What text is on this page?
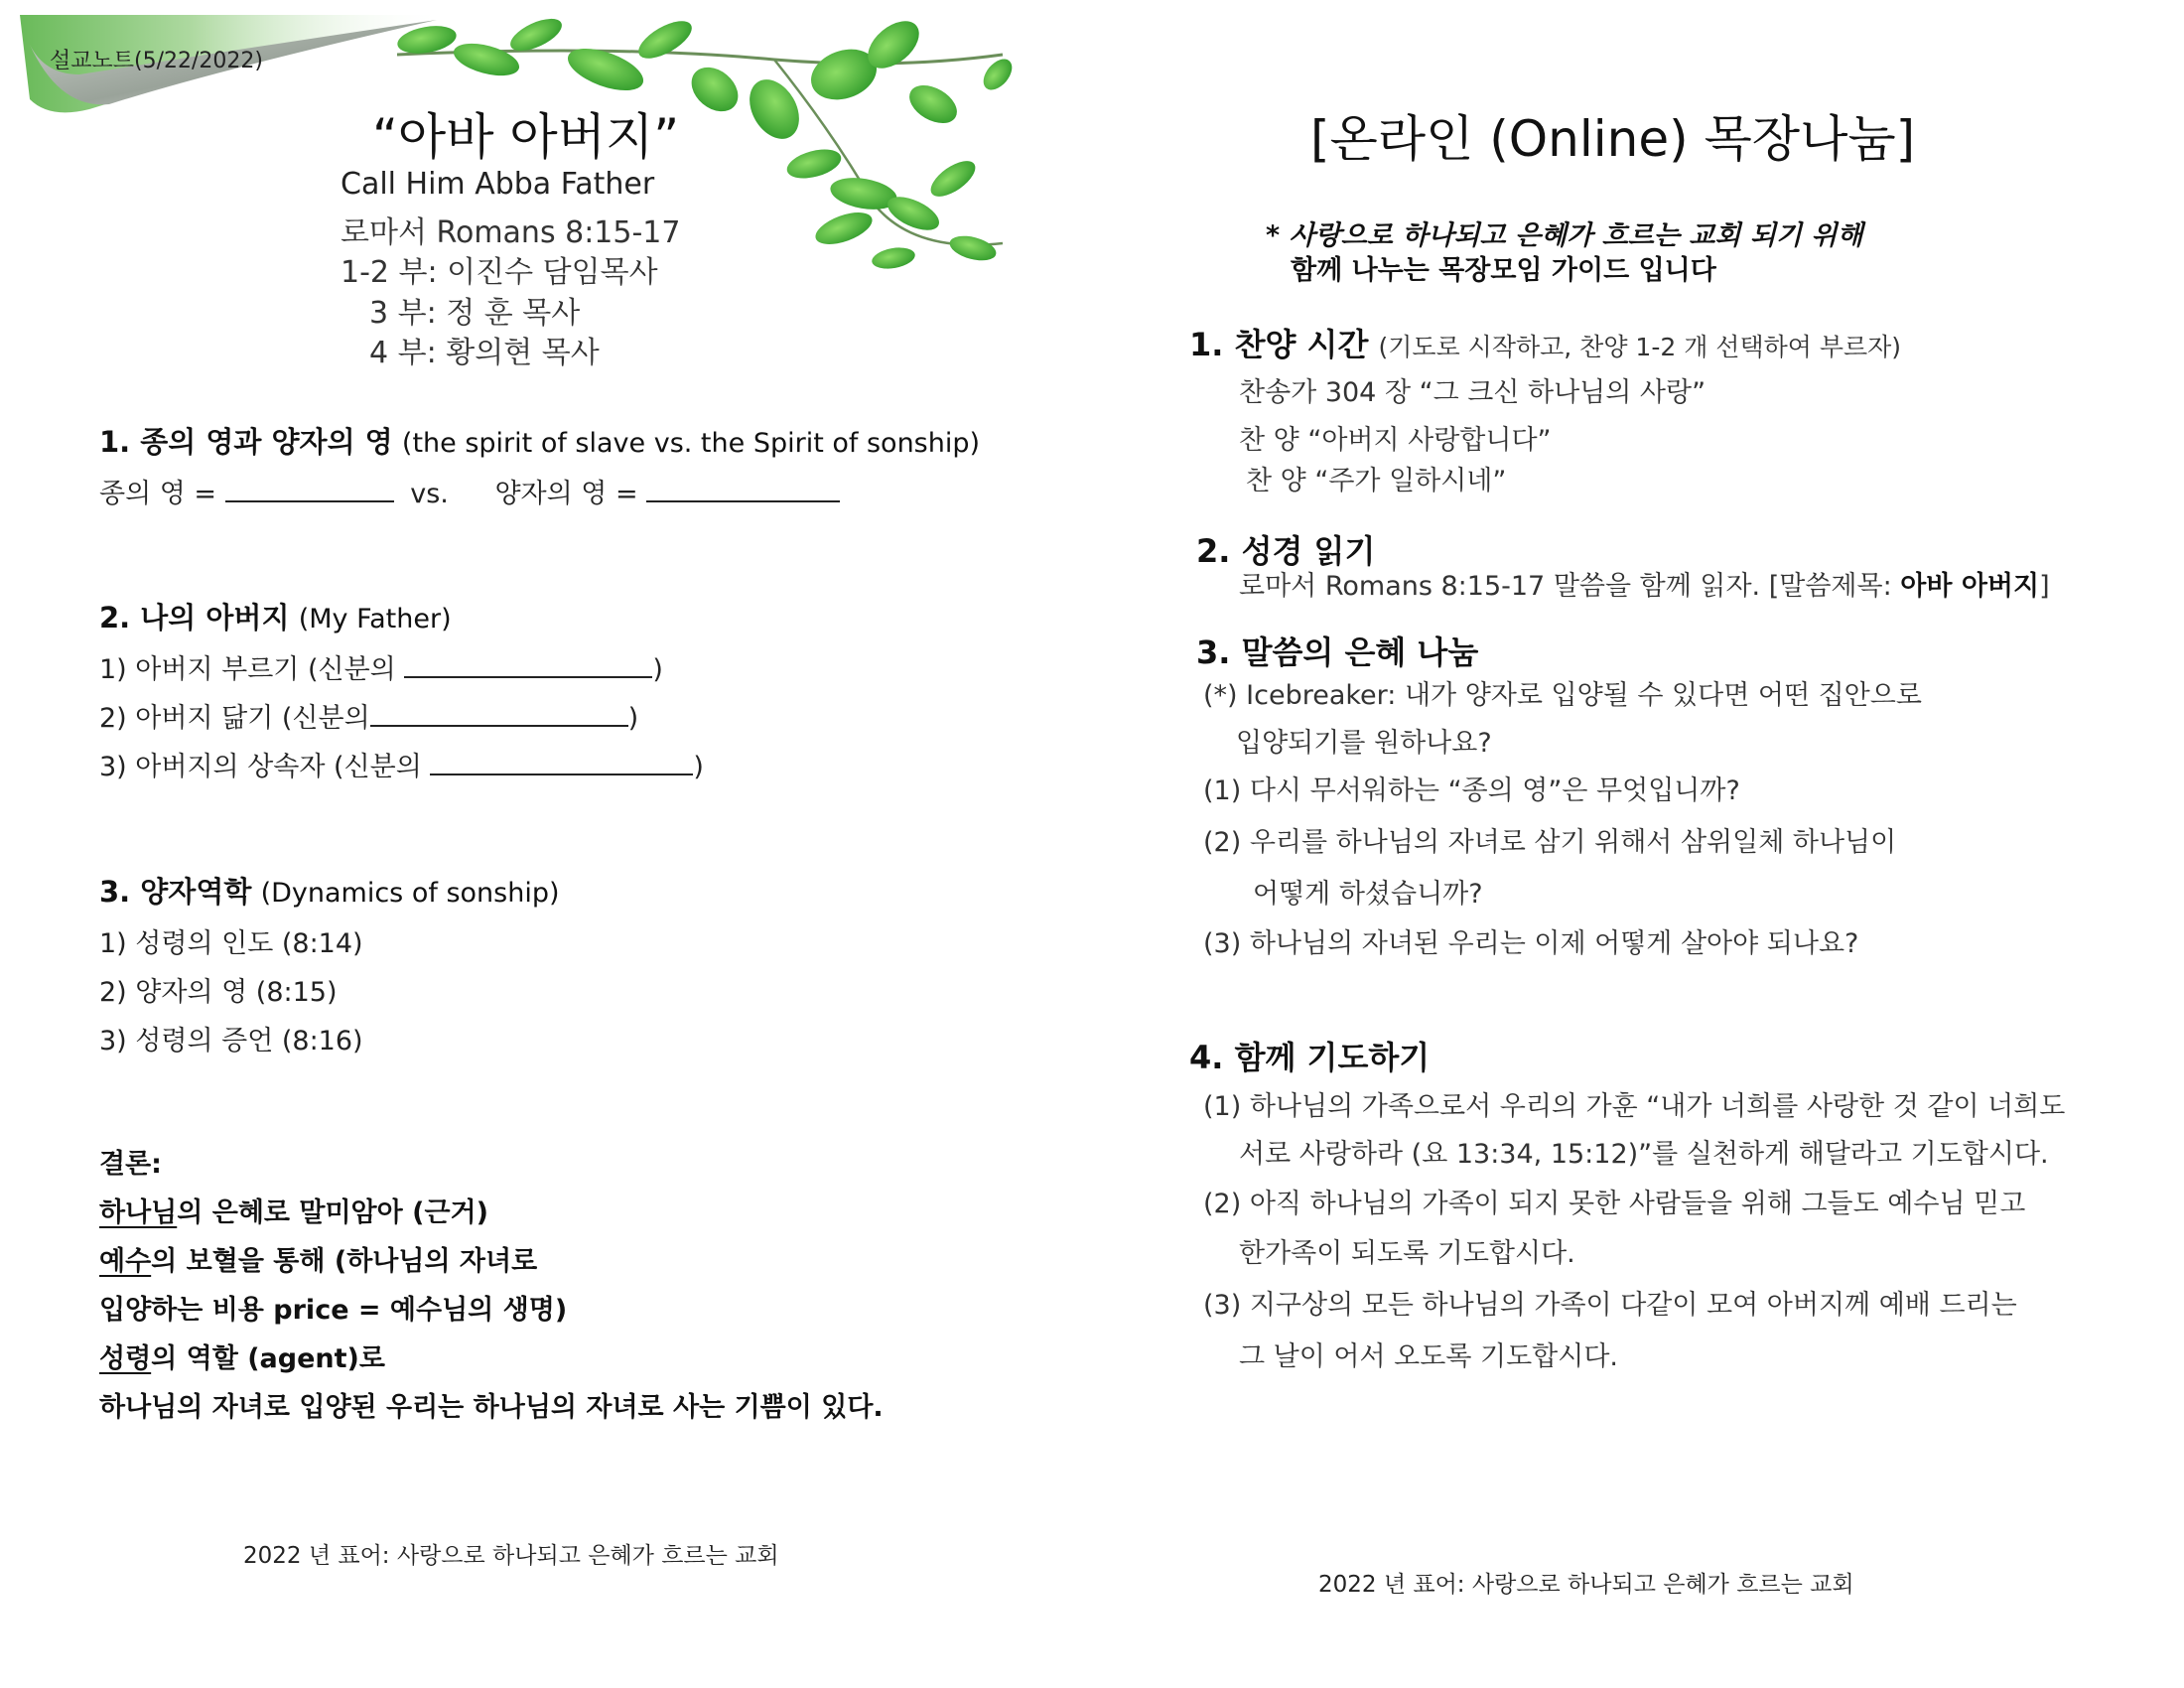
설교노트(5/22/2022)
“아바 아버지”
Call Him Abba Father
로마서 Romans 8:15-17
1-2 부: 이진수 담임목사
3 부: 정 훈 목사
4 부: 황의현 목사
1. 종의 영과 양자의 영 (the spirit of slave vs. the Spirit of sonship)
종의 영 =	vs. 양자의 영 =
2. 나의 아버지 (My Father)
1) 아버지 부르기 (신분의	)
2) 아버지 닮기 (신분의	)
3) 아버지의 상속자 (신분의	)
3. 양자역학 (Dynamics of sonship)
1) 성령의 인도 (8:14)
2) 양자의 영 (8:15)
3) 성령의 증언 (8:16)
결론:
하나님의 은혜로 말미암아 (근거)
예수의 보혈을 통해 (하나님의 자녀로
입양하는 비용 price = 예수님의 생명)
성령의 역할 (agent)로
하나님의 자녀로 입양된 우리는 하나님의 자녀로 사는 기쁨이 있다.
2022 년 표어: 사랑으로 하나되고 은혜가 흐르는 교회
[온라인 (Online) 목장나눔]
* 사랑으로 하나되고 은혜가 흐르는 교회 되기 위해
함께 나누는 목장모임 가이드 입니다
1. 찬양 시간 (기도로 시작하고, 찬양 1-2 개 선택하여 부르자)
찬송가 304 장 “그 크신 하나님의 사랑”
찬 양 “아버지 사랑합니다”
찬 양 “주가 일하시네”
2. 성경 읽기
로마서 Romans 8:15-17 말씀을 함께 읽자. [말씀제목: 아바 아버지]
3. 말씀의 은혜 나눔
(*) Icebreaker: 내가 양자로 입양될 수 있다면 어떤 집안으로
입양되기를 원하나요?
(1) 다시 무서워하는 “종의 영”은 무엇입니까?
(2) 우리를 하나님의 자녀로 삼기 위해서 삼위일체 하나님이
어떻게 하셨습니까?
(3) 하나님의 자녀된 우리는 이제 어떻게 살아야 되나요?
4. 함께 기도하기
(1) 하나님의 가족으로서 우리의 가훈 “내가 너희를 사랑한 것 같이 너희도
서로 사랑하라 (요 13:34, 15:12)”를 실천하게 해달라고 기도합시다.
(2) 아직 하나님의 가족이 되지 못한 사람들을 위해 그들도 예수님 믿고
한가족이 되도록 기도합시다.
(3) 지구상의 모든 하나님의 가족이 다같이 모여 아버지께 예배 드리는
그 날이 어서 오도록 기도합시다.
2022 년 표어: 사랑으로 하나되고 은혜가 흐르는 교회
